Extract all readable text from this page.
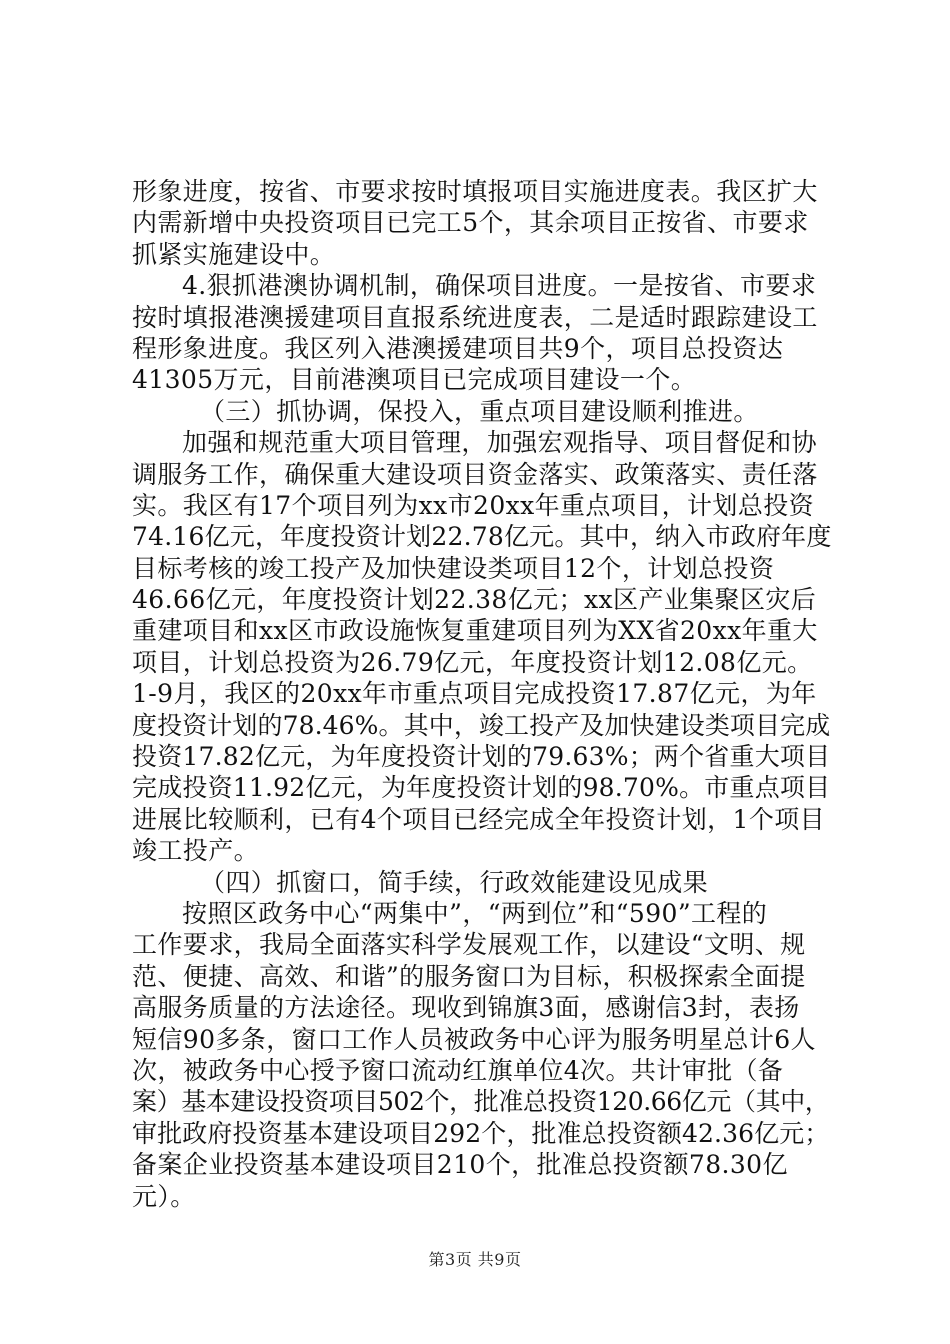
形象进度，按省、市要求按时填报项目实施进度表。我区扩大
内需新增中央投资项目已完工5个，其余项目正按省、市要求
抓紧实施建设中。
4.狠抓港澳协调机制，确保项目进度。一是按省、市要求
按时填报港澳援建项目直报系统进度表，二是适时跟踪建设工
程形象进度。我区列入港澳援建项目共9个，项目总投资达
41305万元，目前港澳项目已完成项目建设一个。
（三）抓协调，保投入，重点项目建设顺利推进。
加强和规范重大项目管理，加强宏观指导、项目督促和协
调服务工作，确保重大建设项目资金落实、政策落实、责任落
实。我区有17个项目列为xx市20xx年重点项目，计划总投资
74.16亿元，年度投资计划22.78亿元。其中，纳入市政府年度
目标考核的竣工投产及加快建设类项目12个，计划总投资
46.66亿元，年度投资计划22.38亿元；xx区产业集聚区灾后
重建项目和xx区市政设施恢复重建项目列为XX省20xx年重大
项目，计划总投资为26.79亿元，年度投资计划12.08亿元。
1-9月，我区的20xx年市重点项目完成投资17.87亿元，为年
度投资计划的78.46%。其中，竣工投产及加快建设类项目完成
投资17.82亿元，为年度投资计划的79.63%；两个省重大项目
完成投资11.92亿元，为年度投资计划的98.70%。市重点项目
进展比较顺利，已有4个项目已经完成全年投资计划，1个项目
竣工投产。
（四）抓窗口，简手续，行政效能建设见成果
按照区政务中心“两集中”，“两到位”和“590”工程的
工作要求，我局全面落实科学发展观工作，以建设“文明、规
范、便捷、高效、和谐”的服务窗口为目标，积极探索全面提
高服务质量的方法途径。现收到锦旗3面，感谢信3封，表扬
短信90多条，窗口工作人员被政务中心评为服务明星总计6人
次，被政务中心授予窗口流动红旗单位4次。共计审批（备
案）基本建设投资项目502个，批准总投资120.66亿元（其中，
审批政府投资基本建设项目292个，批准总投资额42.36亿元；
备案企业投资基本建设项目210个，批准总投资额78.30亿
元）。
第3页 共9页
